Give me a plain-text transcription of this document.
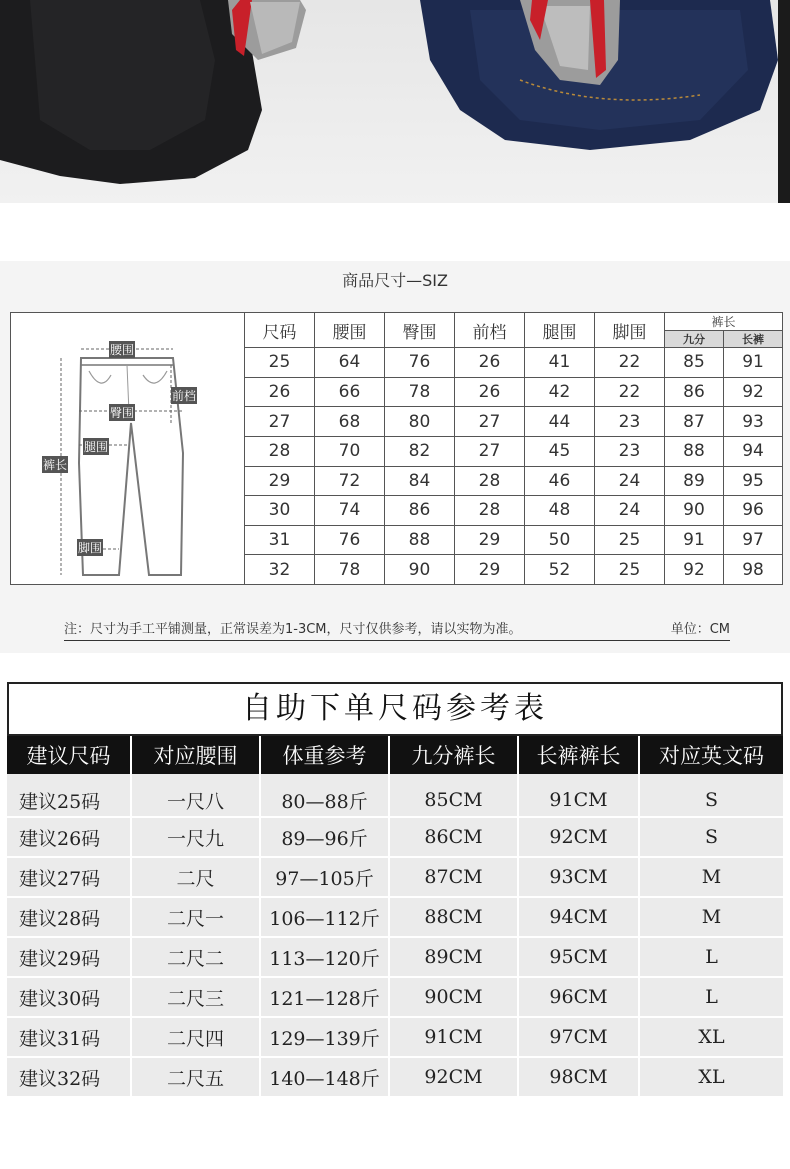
商品尺寸—SIZ
腰围
前档
臀围
腿围
裤长
脚围
尺码	腰围	臀围	前档	腿围	脚围	裤长	
						九分	长裤
25	64	76	26	41	22	85	91
26	66	78	26	42	22	86	92
27	68	80	27	44	23	87	93
28	70	82	27	45	23	88	94
29	72	84	28	46	24	89	95
30	74	86	28	48	24	90	96
31	76	88	29	50	25	91	97
32	78	90	29	52	25	92	98
注：尺寸为手工平铺测量，正常误差为1-3CM，尺寸仅供参考，请以实物为准。	单位：CM
自助下单尺码参考表
建议尺码	对应腰围	体重参考	九分裤长	长裤裤长	对应英文码
建议25码	一尺八	80—88斤	85CM	91CM	S
建议26码	一尺九	89—96斤	86CM	92CM	S
建议27码	二尺	97—105斤	87CM	93CM	M
建议28码	二尺一	106—112斤	88CM	94CM	M
建议29码	二尺二	113—120斤	89CM	95CM	L
建议30码	二尺三	121—128斤	90CM	96CM	L
建议31码	二尺四	129—139斤	91CM	97CM	XL
建议32码	二尺五	140—148斤	92CM	98CM	XL
